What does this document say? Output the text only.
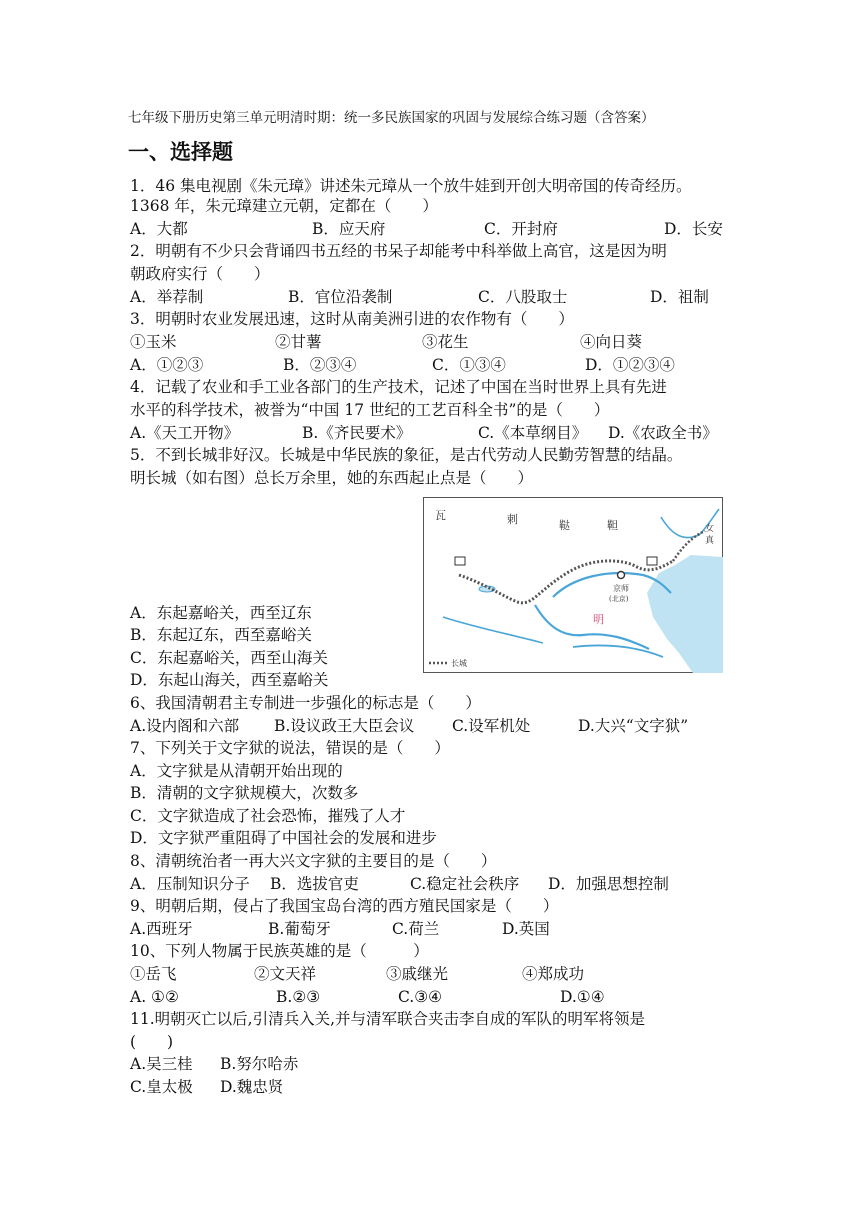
七年级下册历史第三单元明清时期：统一多民族国家的巩固与发展综合练习题（含答案）
一、选择题
1．46 集电视剧《朱元璋》讲述朱元璋从一个放牛娃到开创大明帝国的传奇经历。
1368 年，朱元璋建立元朝，定都在（　　）
A．大都	B．应天府	C．开封府	D．长安
2．明朝有不少只会背诵四书五经的书呆子却能考中科举做上高官，这是因为明
朝政府实行（　　）
A．举荐制	B．官位沿袭制	C．八股取士	D．祖制
3．明朝时农业发展迅速，这时从南美洲引进的农作物有（　　）
①玉米	②甘薯	③花生	④向日葵
A．①②③	B．②③④	C．①③④	D．①②③④
4．记载了农业和手工业各部门的生产技术，记述了中国在当时世界上具有先进
水平的科学技术，被誉为“中国 17 世纪的工艺百科全书”的是（　　）
A.《天工开物》	B.《齐民要术》	C.《本草纲目》 D.《农政全书》
5．不到长城非好汉。长城是中华民族的象征，是古代劳动人民勤劳智慧的结晶。
明长城（如右图）总长万余里，她的东西起止点是（　　）
A．东起嘉峪关，西至辽东
B．东起辽东，西至嘉峪关
C．东起嘉峪关，西至山海关
D．东起山海关，西至嘉峪关
瓦	剌	鞑	靼	女
真
京师
(北京)
明
长城
6、我国清朝君主专制进一步强化的标志是（　　）
A.设内阁和六部 B.设议政王大臣会议 C.设军机处	D.大兴“文字狱”
7、下列关于文字狱的说法，错误的是（　　）
A．文字狱是从清朝开始出现的
B．清朝的文字狱规模大，次数多
C．文字狱造成了社会恐怖，摧残了人才
D．文字狱严重阻碍了中国社会的发展和进步
8、清朝统治者一再大兴文字狱的主要目的是（　　）
A．压制知识分子 B．选拔官吏	C.稳定社会秩序 D．加强思想控制
9、明朝后期，侵占了我国宝岛台湾的西方殖民国家是（　　）
A.西班牙	B.葡萄牙	C.荷兰	D.英国
10、下列人物属于民族英雄的是（　　　）
①岳飞	②文天祥	③戚继光	④郑成功
A. ①②	B.②③	C.③④	D.①④
11.明朝灭亡以后,引清兵入关,并与清军联合夹击李自成的军队的明军将领是
(　　)
A.吴三桂 B.努尔哈赤
C.皇太极 D.魏忠贤
